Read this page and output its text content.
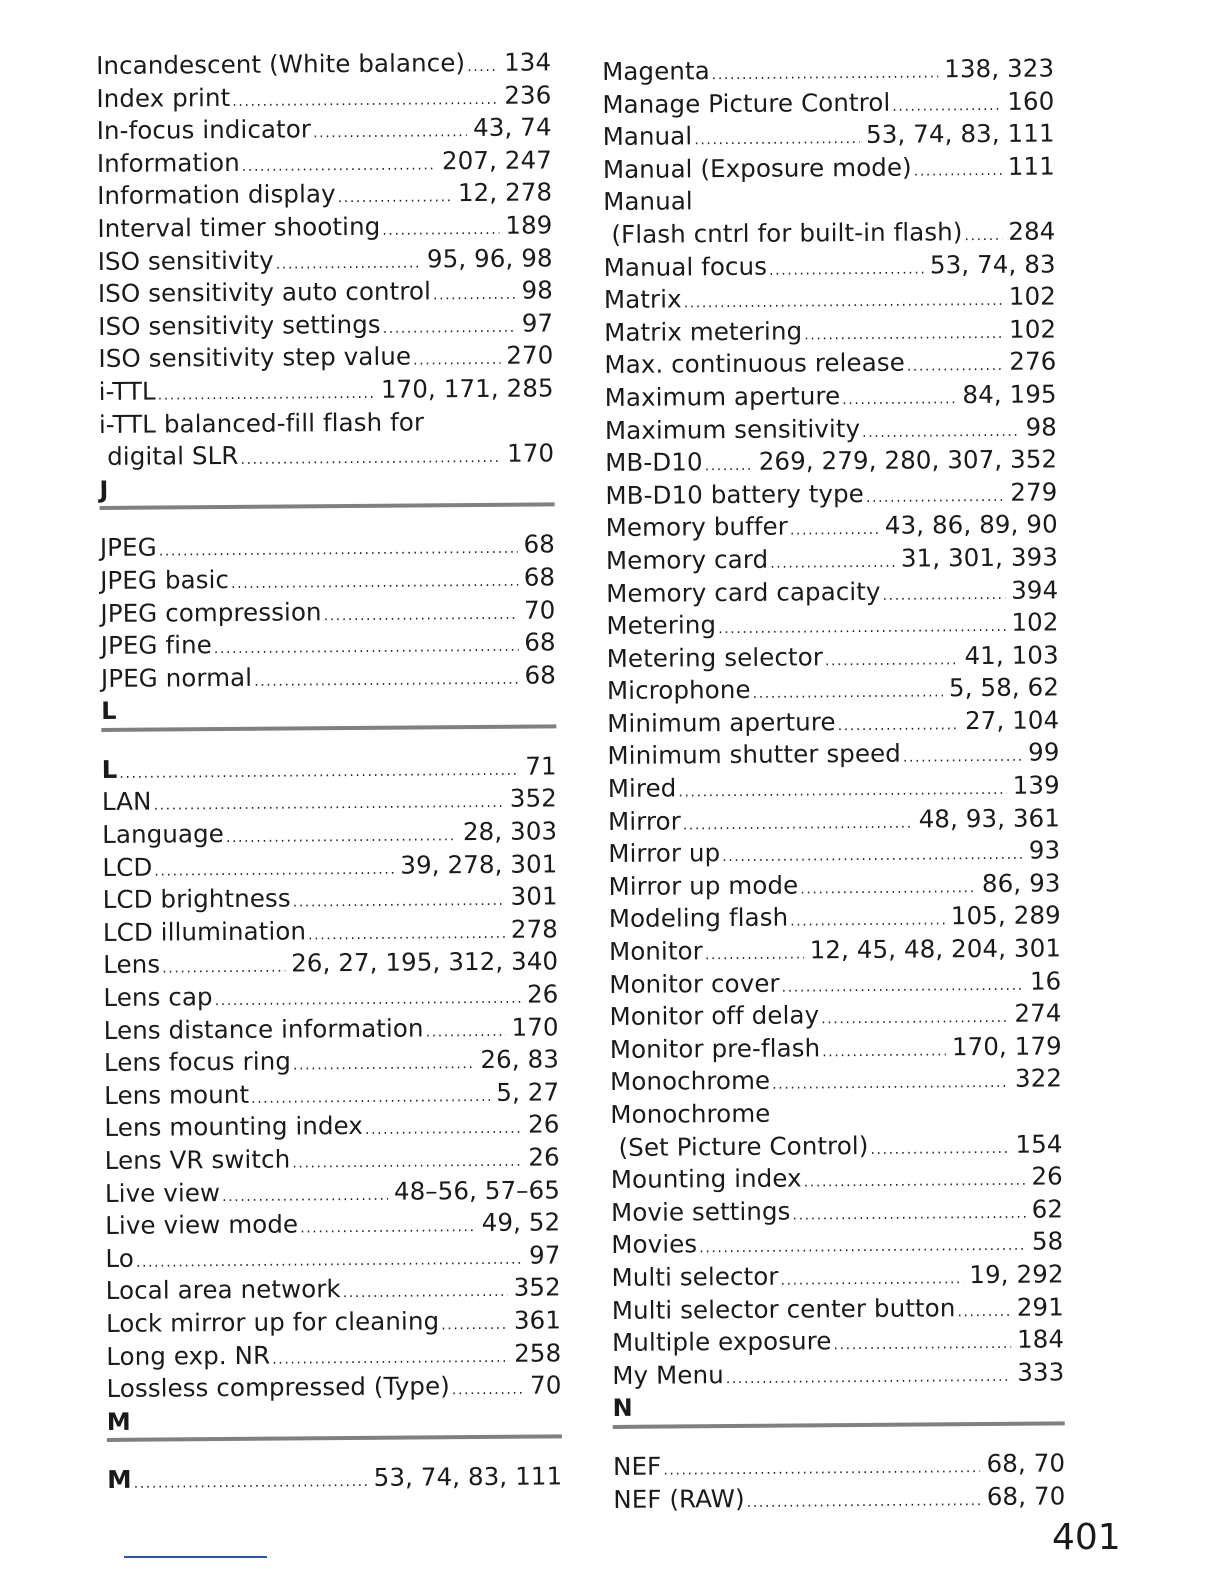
Incandescent (White balance) ..... 134
Index print .....	236
In-focus indicator .....	43, 74
Information .....	207, 247
Information display .....	12, 278
Interval timer shooting .....	189
ISO sensitivity .....	95, 96, 98
ISO sensitivity auto control .....	98
ISO sensitivity settings .....	97
ISO sensitivity step value .....	270
i-TTL .....	170, 171, 285
i-TTL balanced-fill flash for
digital SLR .....	170
J
JPEG .....	68
JPEG basic .....	68
JPEG compression .....	70
JPEG fine .....	68
JPEG normal .....	68
L
L .....	71
LAN .....	352
Language .....	28, 303
LCD .....	39, 278, 301
LCD brightness .....	301
LCD illumination .....	278
Lens .....	26, 27, 195, 312, 340
Lens cap .....	26
Lens distance information .....	170
Lens focus ring .....	26, 83
Lens mount .....	5, 27
Lens mounting index .....	26
Lens VR switch .....	26
Live view .....	48–56, 57–65
Live view mode .....	49, 52
Lo .....	97
Local area network .....	352
Lock mirror up for cleaning .....	361
Long exp. NR .....	258
Lossless compressed (Type) .....	70
M
M .....	53, 74, 83, 111
Magenta .....	138, 323
Manage Picture Control .....	160
Manual .....	53, 74, 83, 111
Manual (Exposure mode) .....	111
Manual
(Flash cntrl for built-in flash) ..... 284
Manual focus .....	53, 74, 83
Matrix .....	102
Matrix metering .....	102
Max. continuous release .....	276
Maximum aperture .....	84, 195
Maximum sensitivity .....	98
MB-D10 ..... 269, 279, 280, 307, 352
MB-D10 battery type .....	279
Memory buffer .....	43, 86, 89, 90
Memory card .....	31, 301, 393
Memory card capacity .....	394
Metering .....	102
Metering selector .....	41, 103
Microphone .....	5, 58, 62
Minimum aperture .....	27, 104
Minimum shutter speed .....	99
Mired .....	139
Mirror .....	48, 93, 361
Mirror up .....	93
Mirror up mode .....	86, 93
Modeling flash .....	105, 289
Monitor .....	12, 45, 48, 204, 301
Monitor cover .....	16
Monitor off delay .....	274
Monitor pre-flash .....	170, 179
Monochrome .....	322
Monochrome
(Set Picture Control) .....	154
Mounting index .....	26
Movie settings .....	62
Movies .....	58
Multi selector .....	19, 292
Multi selector center button ..... 291
Multiple exposure .....	184
My Menu .....	333
N
NEF .....	68, 70
NEF (RAW) .....	68, 70
401
